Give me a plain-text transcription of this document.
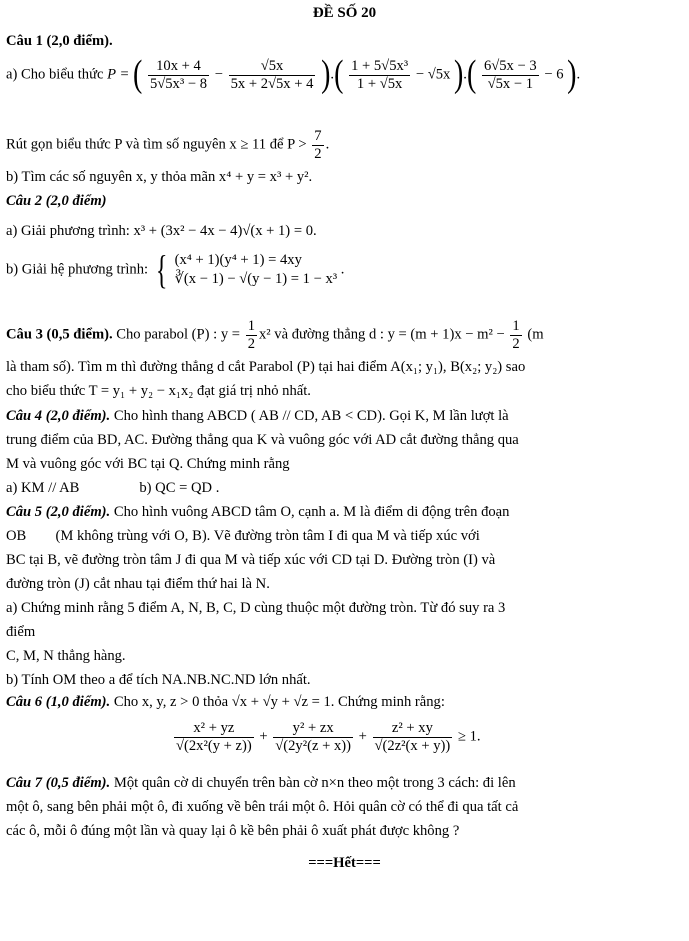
ĐỀ SỐ 20
Câu 1 (2,0 điểm).
a) Cho biểu thức P = ( $\frac{10x + 4}{\text{5√5x³ − 8}} - \frac{√5x}{5x + 2√5x + 4}$ ).( $\frac{\text{1 + 5√5x³}}{1 + √5x} - √5x$ ).( $\frac{6√5x - 3}{√5x - 1} - 6$ ).
Rút gọn biểu thức P và tìm số nguyên x ≥ 11 để $P > \frac{7}{2}$ .
b) Tìm các số nguyên x, y thỏa mãn x⁴ + y = x³ + y².
Câu 2 (2,0 điểm)
a) Giải phương trình: x³ + (3x² − 4x − 4)√(x + 1) = 0.
b) Giải hệ phương trình: { (x⁴ + 1)(y⁴ + 1) = 4xy
∛(x − 1) − √(y − 1) = 1 − x³
.
Câu 3 (0,5 điểm). Cho parabol (P) : $y = \frac{1}{2} x^2$ và đường thẳng d : $y = (m + 1)x - m^2 - \frac{1}{2} (m$
là tham số). Tìm m thì đường thẳng d cắt Parabol (P) tại hai điểm A(x₁; y₁), B(x₂; y₂) sao
cho biểu thức T = y₁ + y₂ − x₁x₂ đạt giá trị nhỏ nhất.
Câu 4 (2,0 điểm). Cho hình thang ABCD ( AB // CD, AB < CD). Gọi K, M lần lượt là
trung điểm của BD, AC. Đường thẳng qua K và vuông góc với AD cắt đường thẳng qua
M và vuông góc với BC tại Q. Chứng minh rằng
a) KM // AB	b) QC = QD .
Câu 5 (2,0 điểm). Cho hình vuông ABCD tâm O, cạnh a. M là điểm di động trên đoạn
OB        (M không trùng với O, B). Vẽ đường tròn tâm I đi qua M và tiếp xúc với
BC tại B, vẽ đường tròn tâm J đi qua M và tiếp xúc với CD tại D. Đường tròn (I) và
đường tròn (J) cắt nhau tại điểm thứ hai là N.
a) Chứng minh rằng 5 điểm A, N, B, C, D cùng thuộc một đường tròn. Từ đó suy ra 3
điểm
C, M, N thẳng hàng.
b) Tính OM theo a để tích NA.NB.NC.ND lớn nhất.
Câu 6 (1,0 điểm). Cho x, y, z > 0 thỏa √x + √y + √z = 1. Chứng minh rằng:
$\frac{\text{x² + yz}}{\text{√(2x²(y + z))}} + \frac{\text{y² + zx}}{\text{√(2y²(z + x))}} + \frac{\text{z² + xy}}{\text{√(2z²(x + y))}} \ge 1$.
Câu 7 (0,5 điểm). Một quân cờ di chuyển trên bàn cờ n×n theo một trong 3 cách: đi lên
một ô, sang bên phải một ô, đi xuống về bên trái một ô. Hỏi quân cờ có thể đi qua tất cả
các ô, mỗi ô đúng một lần và quay lại ô kề bên phải ô xuất phát được không ?
===Hết===
